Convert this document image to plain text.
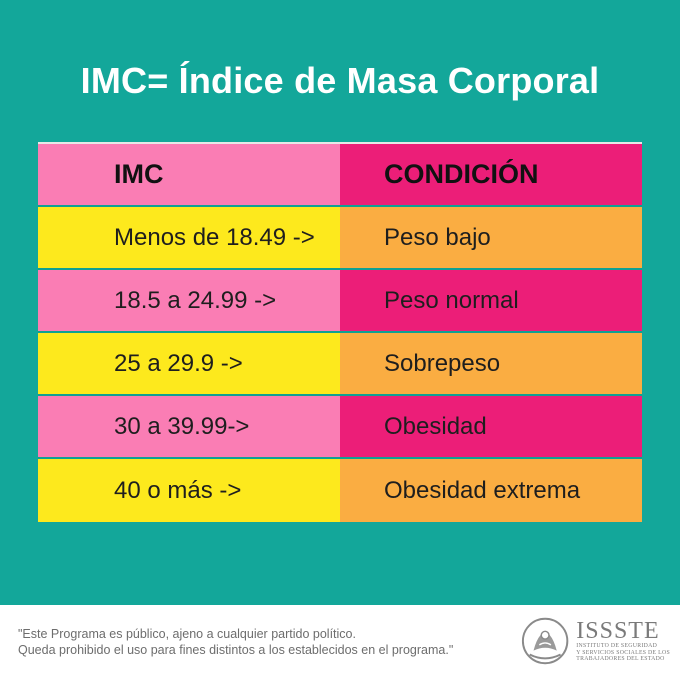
IMC= Índice de Masa Corporal
IMC	CONDICIÓN
Menos de 18.49 ->	Peso bajo
18.5 a 24.99 ->	Peso normal
25 a 29.9 ->	Sobrepeso
30 a 39.99->	Obesidad
40 o más ->	Obesidad extrema
"Este Programa es público, ajeno a cualquier partido político.
Queda prohibido el uso para fines distintos a los establecidos en el programa."
ISSSTE
INSTITUTO DE SEGURIDAD
Y SERVICIOS SOCIALES DE LOS
TRABAJADORES DEL ESTADO
